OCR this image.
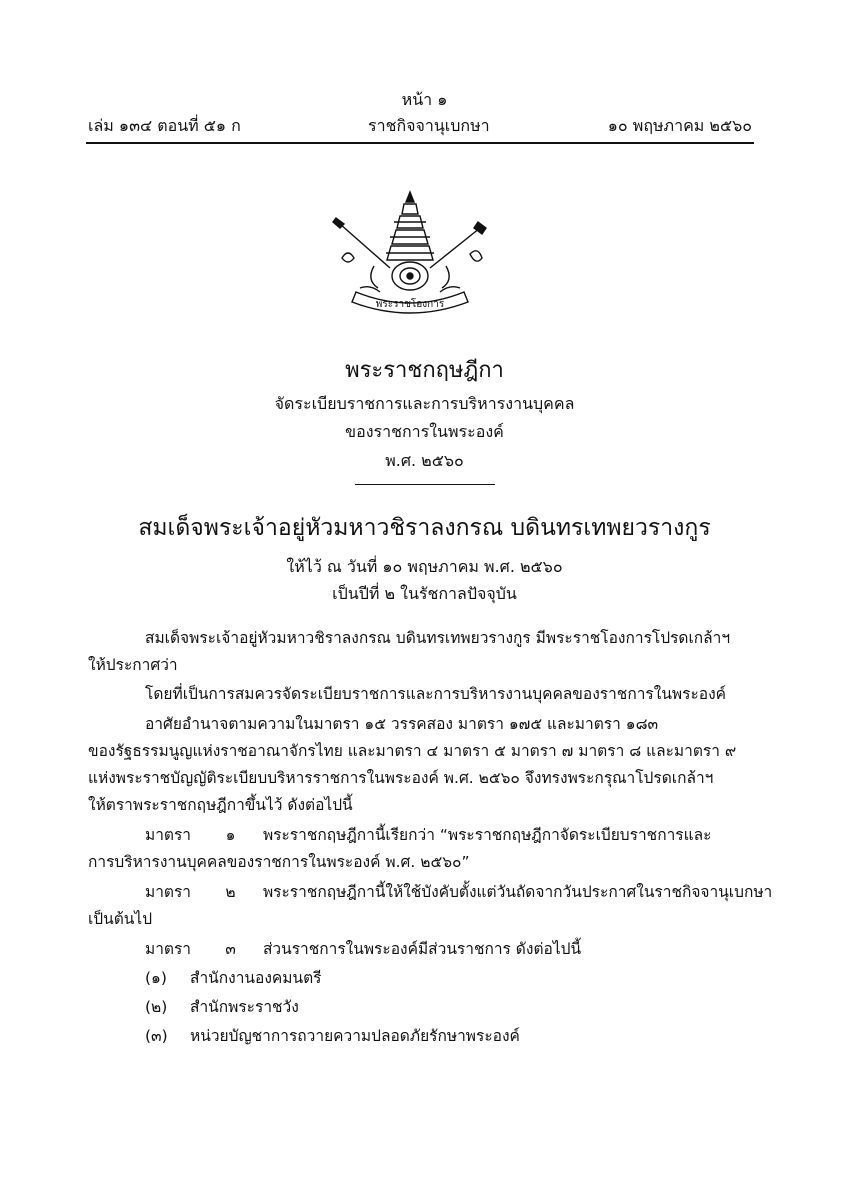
หน้า ๑
เล่ม ๑๓๔ ตอนที่ ๕๑ ก	ราชกิจจานุเบกษา	๑๐ พฤษภาคม ๒๕๖๐
พระราชโองการ
พระราชกฤษฎีกา
จัดระเบียบราชการและการบริหารงานบุคคล
ของราชการในพระองค์
พ.ศ. ๒๕๖๐
สมเด็จพระเจ้าอยู่หัวมหาวชิราลงกรณ บดินทรเทพยวรางกูร
ให้ไว้ ณ วันที่ ๑๐ พฤษภาคม พ.ศ. ๒๕๖๐
เป็นปีที่ ๒ ในรัชกาลปัจจุบัน
สมเด็จพระเจ้าอยู่หัวมหาวชิราลงกรณ บดินทรเทพยวรางกูร มีพระราชโองการโปรดเกล้าฯ
ให้ประกาศว่า
โดยที่เป็นการสมควรจัดระเบียบราชการและการบริหารงานบุคคลของราชการในพระองค์
อาศัยอำนาจตามความในมาตรา ๑๕ วรรคสอง มาตรา ๑๗๕ และมาตรา ๑๘๓
ของรัฐธรรมนูญแห่งราชอาณาจักรไทย และมาตรา ๔ มาตรา ๕ มาตรา ๗ มาตรา ๘ และมาตรา ๙
แห่งพระราชบัญญัติระเบียบบริหารราชการในพระองค์ พ.ศ. ๒๕๖๐ จึงทรงพระกรุณาโปรดเกล้าฯ
ให้ตราพระราชกฤษฎีกาขึ้นไว้ ดังต่อไปนี้
มาตรา ๑ พระราชกฤษฎีกานี้เรียกว่า “พระราชกฤษฎีกาจัดระเบียบราชการและ
การบริหารงานบุคคลของราชการในพระองค์ พ.ศ. ๒๕๖๐”
มาตรา ๒ พระราชกฤษฎีกานี้ให้ใช้บังคับตั้งแต่วันถัดจากวันประกาศในราชกิจจานุเบกษา
เป็นต้นไป
มาตรา ๓ ส่วนราชการในพระองค์มีส่วนราชการ ดังต่อไปนี้
(๑) สำนักงานองคมนตรี
(๒) สำนักพระราชวัง
(๓) หน่วยบัญชาการถวายความปลอดภัยรักษาพระองค์
